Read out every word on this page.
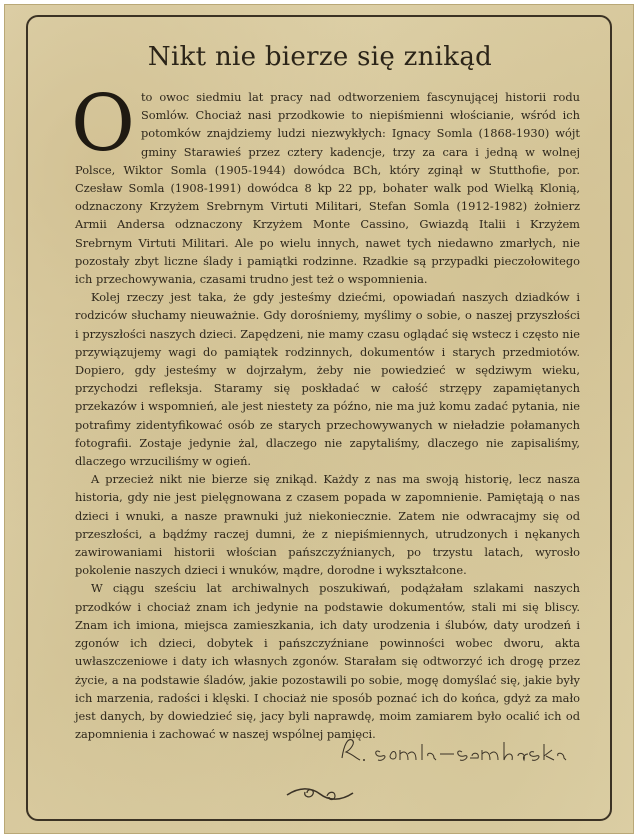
Nikt nie bierze się znikąd

Oto owoc siedmiu lat pracy nad odtworzeniem fascynującej historii rodu Somlów. Chociaż nasi przodkowie to niepiśmienni włościanie, wśród ich potomków znajdziemy ludzi niezwykłych: Ignacy Somla (1868-1930) wójt gminy Starawieś przez cztery kadencje, trzy za cara i jedną w wolnej Polsce, Wiktor Somla (1905-1944) dowódca BCh, który zginął w Stutthofie, por. Czesław Somla (1908-1991) dowódca 8 kp 22 pp, bohater walk pod Wielką Klonią, odznaczony Krzyżem Srebrnym Virtuti Militari, Stefan Somla (1912-1982) żołnierz Armii Andersa odznaczony Krzyżem Monte Cassino, Gwiazdą Italii i Krzyżem Srebrnym Virtuti Militari. Ale po wielu innych, nawet tych niedawno zmarłych, nie pozostały zbyt liczne ślady i pamiątki rodzinne. Rzadkie są przypadki pieczołowitego ich przechowywania, czasami trudno jest też o wspomnienia.

Kolej rzeczy jest taka, że gdy jesteśmy dziećmi, opowiadań naszych dziadków i rodziców słuchamy nieuważnie. Gdy dorośniemy, myślimy o sobie, o naszej przyszłości i przyszłości naszych dzieci. Zapędzeni, nie mamy czasu oglądać się wstecz i często nie przywiązujemy wagi do pamiątek rodzinnych, dokumentów i starych przedmiotów. Dopiero, gdy jesteśmy w dojrzałym, żeby nie powiedzieć w sędziwym wieku, przychodzi refleksja. Staramy się poskładać w całość strzępy zapamiętanych przekazów i wspomnień, ale jest niestety za późno, nie ma już komu zadać pytania, nie potrafimy zidentyfikować osób ze starych przechowywanych w nieładzie połamanych fotografii. Zostaje jedynie żal, dlaczego nie zapytaliśmy, dlaczego nie zapisaliśmy, dlaczego wrzuciliśmy w ogień.

A przecież nikt nie bierze się znikąd. Każdy z nas ma swoją historię, lecz nasza historia, gdy nie jest pielęgnowana z czasem popada w zapomnienie. Pamiętają o nas dzieci i wnuki, a nasze prawnuki już niekoniecznie. Zatem nie odwracajmy się od przeszłości, a bądźmy raczej dumni, że z niepiśmiennych, utrudzonych i nękanych zawirowaniami historii włościan pańszczyźnianych, po trzystu latach, wyrosło pokolenie naszych dzieci i wnuków, mądre, dorodne i wykształcone.

W ciągu sześciu lat archiwalnych poszukiwań, podążałam szlakami naszych przodków i chociaż znam ich jedynie na podstawie dokumentów, stali mi się bliscy. Znam ich imiona, miejsca zamieszkania, ich daty urodzenia i ślubów, daty urodzeń i zgonów ich dzieci, dobytek i pańszczyźniane powinności wobec dworu, akta uwłaszczeniowe i daty ich własnych zgonów. Starałam się odtworzyć ich drogę przez życie, a na podstawie śladów, jakie pozostawili po sobie, mogę domyślać się, jakie były ich marzenia, radości i klęski. I chociaż nie sposób poznać ich do końca, gdyż za mało jest danych, by dowiedzieć się, jacy byli naprawdę, moim zamiarem było ocalić ich od zapomnienia i zachować w naszej wspólnej pamięci.
